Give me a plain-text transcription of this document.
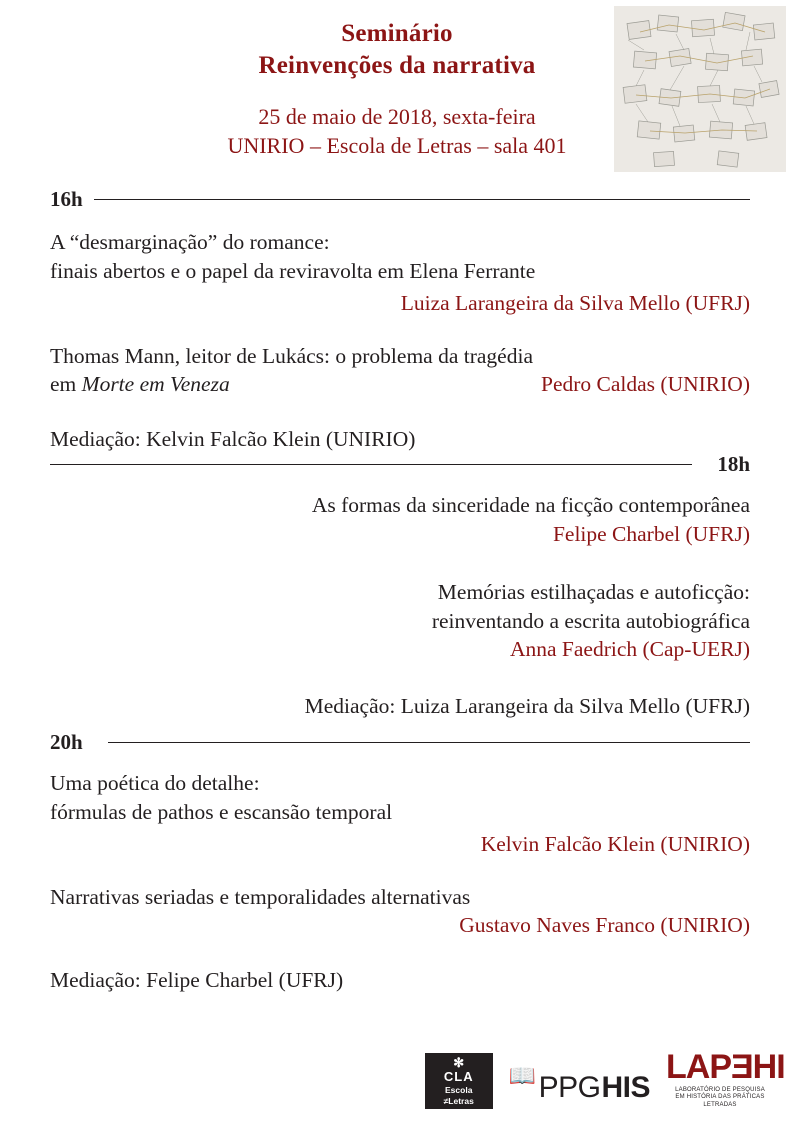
Seminário
Reinvenções da narrativa
25 de maio de 2018, sexta-feira
UNIRIO – Escola de Letras – sala 401
16h
A “desmarginação” do romance:
finais abertos e o papel da reviravolta em Elena Ferrante
Luiza Larangeira da Silva Mello (UFRJ)
Thomas Mann, leitor de Lukács: o problema da tragédia
em Morte em Veneza	Pedro Caldas (UNIRIO)
Mediação: Kelvin Falcão Klein (UNIRIO)
18h
As formas da sinceridade na ficção contemporânea
Felipe Charbel (UFRJ)
Memórias estilhaçadas e autoficção:
reinventando a escrita autobiográfica
Anna Faedrich (Cap-UERJ)
Mediação: Luiza Larangeira da Silva Mello (UFRJ)
20h
Uma poética do detalhe:
fórmulas de pathos e escansão temporal
Kelvin Falcão Klein (UNIRIO)
Narrativas seriadas e temporalidades alternativas
Gustavo Naves Franco (UNIRIO)
Mediação: Felipe Charbel (UFRJ)
✻
CLA
Escola
≠Letras
📖 PPG HIS
LAPƎHI
LABORATÓRIO DE PESQUISA
EM HISTÓRIA DAS PRÁTICAS
LETRADAS
